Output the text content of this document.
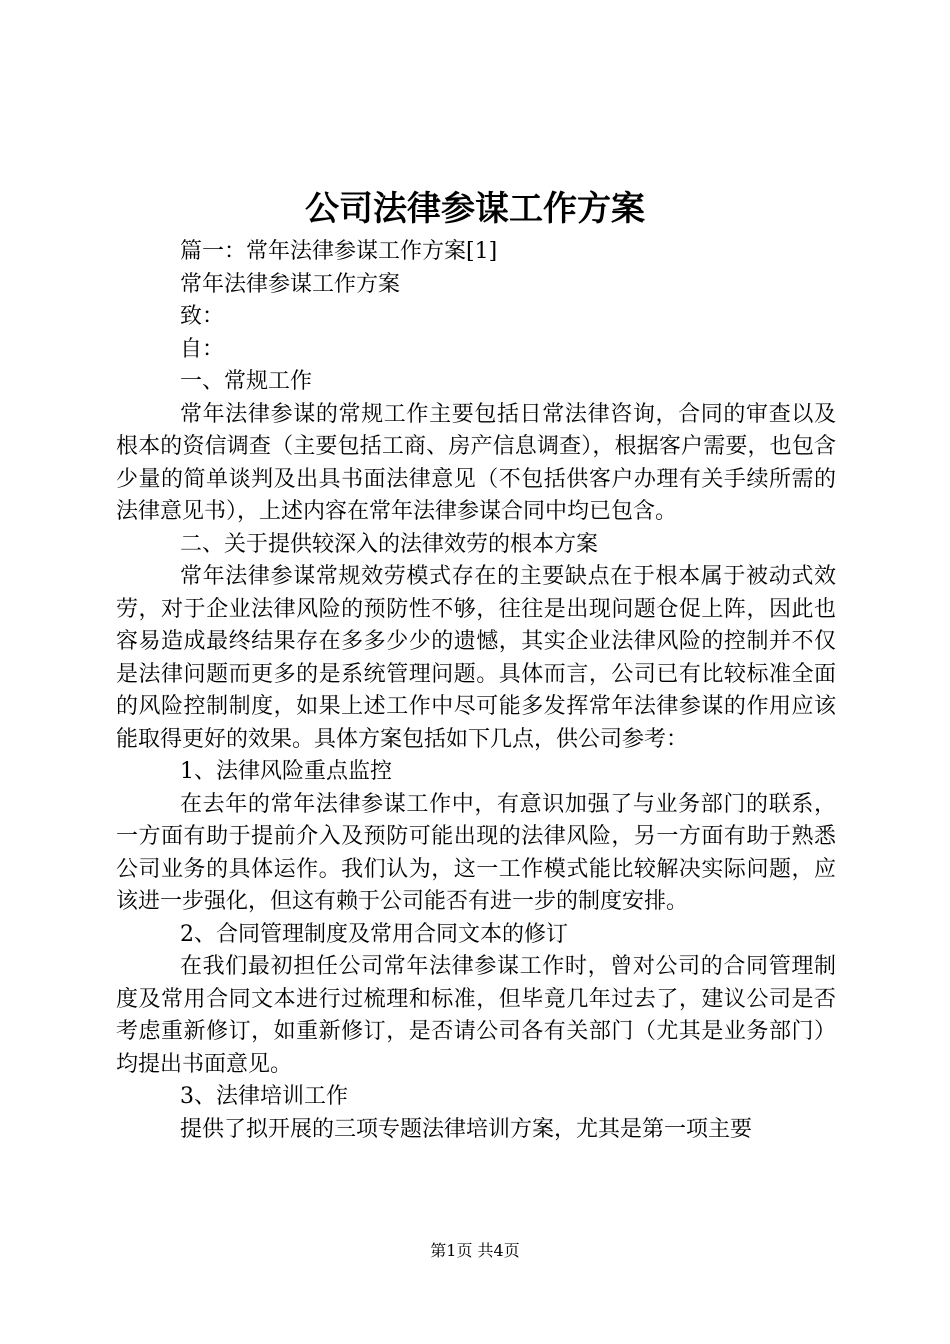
公司法律参谋工作方案

篇一：常年法律参谋工作方案[1]

常年法律参谋工作方案

致：

自：

一、常规工作

常年法律参谋的常规工作主要包括日常法律咨询，合同的审查以及根本的资信调查（主要包括工商、房产信息调查），根据客户需要，也包含少量的简单谈判及出具书面法律意见（不包括供客户办理有关手续所需的法律意见书），上述内容在常年法律参谋合同中均已包含。

二、关于提供较深入的法律效劳的根本方案

常年法律参谋常规效劳模式存在的主要缺点在于根本属于被动式效劳，对于企业法律风险的预防性不够，往往是出现问题仓促上阵，因此也容易造成最终结果存在多多少少的遗憾，其实企业法律风险的控制并不仅是法律问题而更多的是系统管理问题。具体而言，公司已有比较标准全面的风险控制制度，如果上述工作中尽可能多发挥常年法律参谋的作用应该能取得更好的效果。具体方案包括如下几点，供公司参考：

1、法律风险重点监控

在去年的常年法律参谋工作中，有意识加强了与业务部门的联系，一方面有助于提前介入及预防可能出现的法律风险，另一方面有助于熟悉公司业务的具体运作。我们认为，这一工作模式能比较解决实际问题，应该进一步强化，但这有赖于公司能否有进一步的制度安排。

2、合同管理制度及常用合同文本的修订

在我们最初担任公司常年法律参谋工作时，曾对公司的合同管理制度及常用合同文本进行过梳理和标准，但毕竟几年过去了，建议公司是否考虑重新修订，如重新修订，是否请公司各有关部门（尤其是业务部门）均提出书面意见。

3、法律培训工作

提供了拟开展的三项专题法律培训方案，尤其是第一项主要

第1页 共4页
